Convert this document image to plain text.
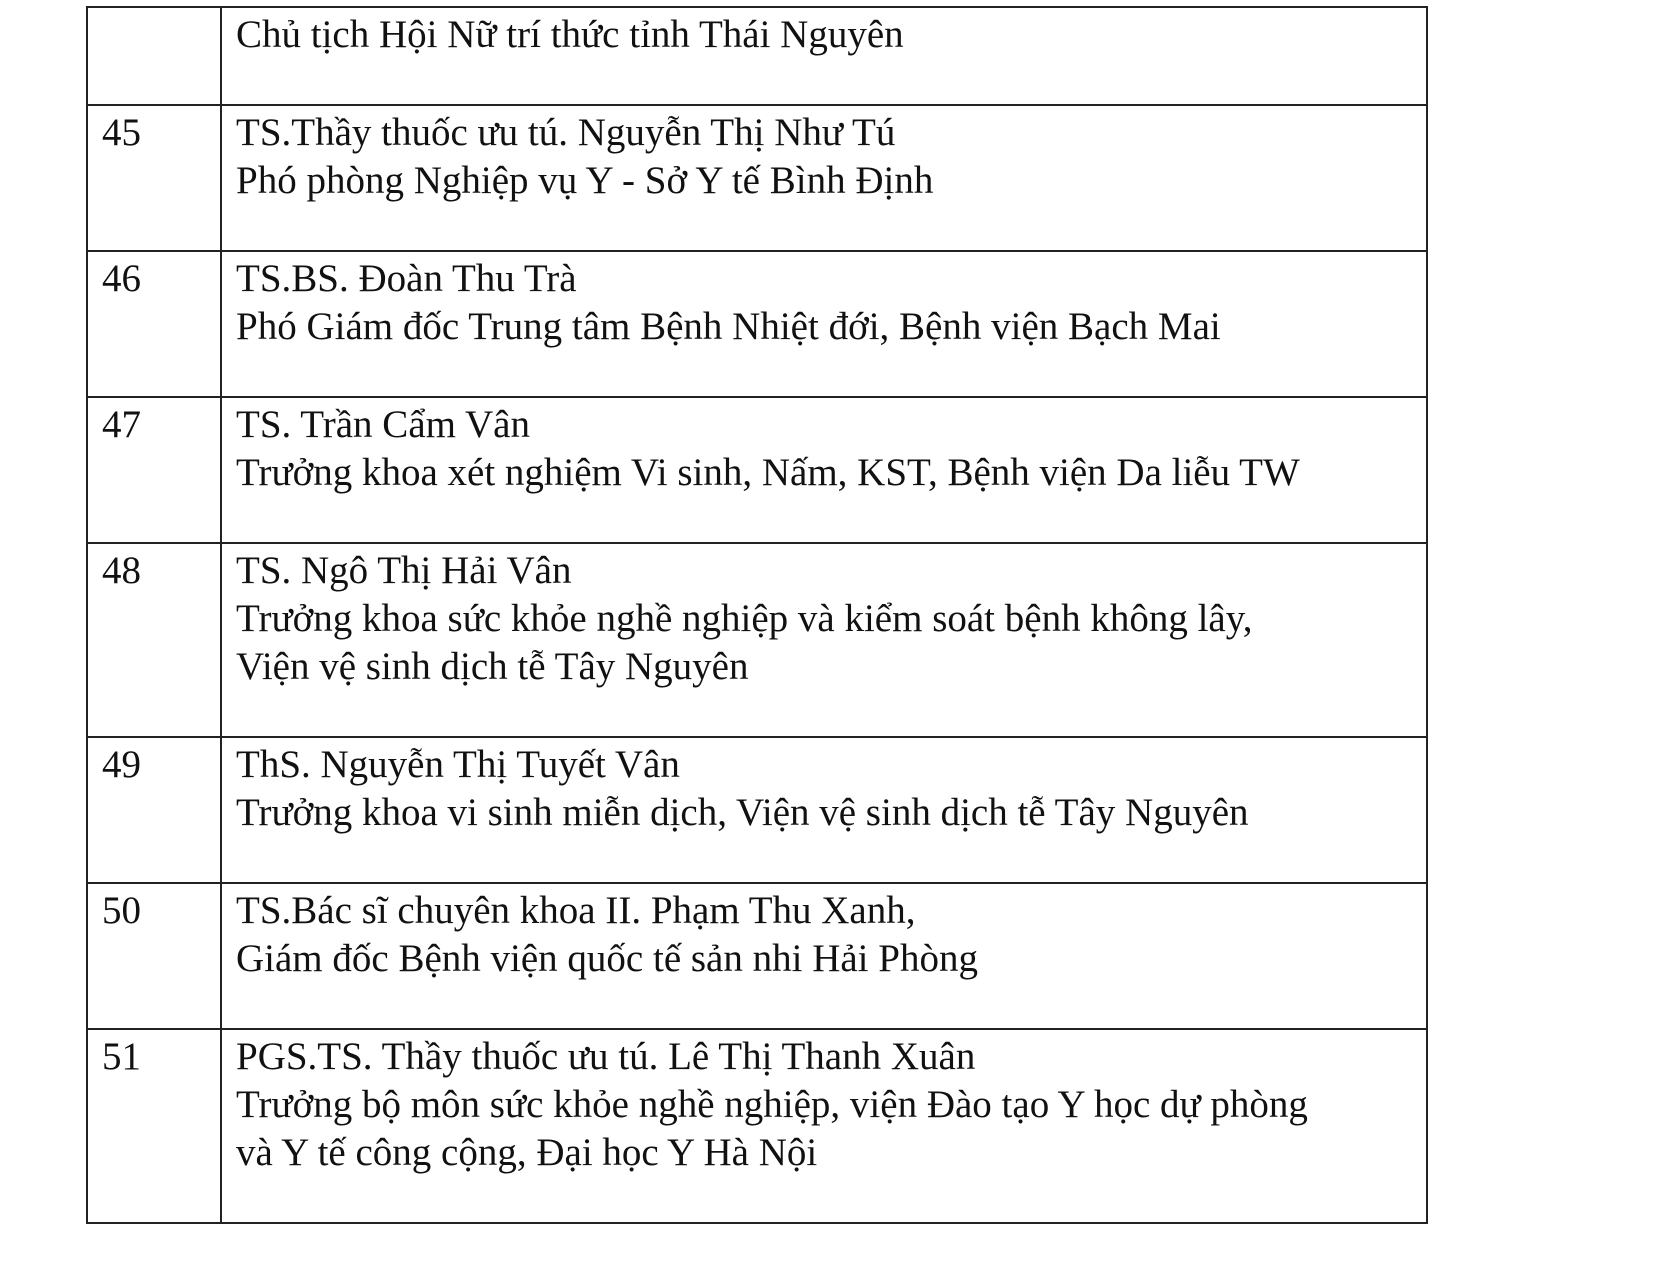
	Chủ tịch Hội Nữ trí thức tỉnh Thái Nguyên

45	TS.Thầy thuốc ưu tú. Nguyễn Thị Như Tú
Phó phòng Nghiệp vụ Y - Sở Y tế Bình Định

46	TS.BS. Đoàn Thu Trà
Phó Giám đốc Trung tâm Bệnh Nhiệt đới, Bệnh viện Bạch Mai

47	TS. Trần Cẩm Vân
Trưởng khoa xét nghiệm Vi sinh, Nấm, KST, Bệnh viện Da liễu TW

48	TS. Ngô Thị Hải Vân
Trưởng khoa sức khỏe nghề nghiệp và kiểm soát bệnh không lây,
Viện vệ sinh dịch tễ Tây Nguyên

49	ThS. Nguyễn Thị Tuyết Vân
Trưởng khoa vi sinh miễn dịch, Viện vệ sinh dịch tễ Tây Nguyên

50	TS.Bác sĩ chuyên khoa II. Phạm Thu Xanh,
Giám đốc Bệnh viện quốc tế sản nhi Hải Phòng

51	PGS.TS. Thầy thuốc ưu tú. Lê Thị Thanh Xuân
Trưởng bộ môn sức khỏe nghề nghiệp, viện Đào tạo Y học dự phòng
và Y tế công cộng, Đại học Y Hà Nội
